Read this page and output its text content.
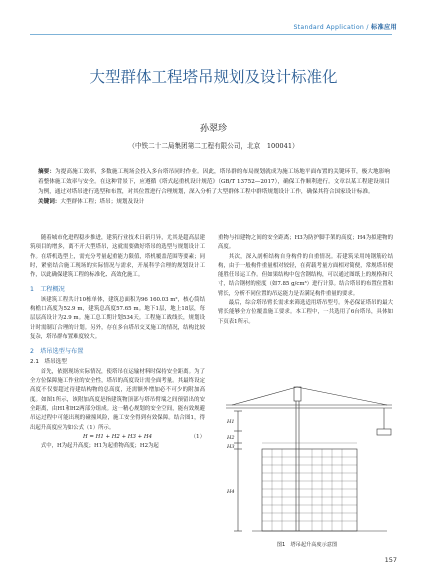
Standard Application / 标准应用
大型群体工程塔吊规划及设计标准化
孙翠珍
（中铁二十二局集团第二工程有限公司，北京　100041）
摘要：为提高施工效率，多数施工现场会投入多台塔吊同时作业。因此，塔吊群的布局规划就成为施工场地平面布置的关键环节，极大地影响着整体施工效率与安全。在这种背景下，应遵循《塔式起重机设计规范》（GB/T 13752—2017），确保工作顺利进行。文章以某工程建设项目为例，通过对塔吊进行选型和布置，对其位置进行合理规划，深入分析了大型群体工程中群塔规划设计工作，确保其符合国家设计标准。
关键词：大型群体工程；塔吊；规划及设计

随着城市化进程稳步推进，建筑行业技术日新月异，尤其是超高层建筑项目的增多，离不开大型塔吊，这就需要做好塔吊的选型与规划设计工作。在塔机选型上，需充分考量起重能力限值，塔机覆盖范围等要素；同时，紧密结合施工现场的实际情况与需求，开展科学合理的规划设计工作，以此确保建筑工程的标准化、高效化施工。

1　工程概况

该建筑工程共计10栋单体，建筑总面积为96 160.03 m²，核心筒结构檐口高度为52.9 m，建筑总高度57.65 m。地下1层，地上18层，每层层高设计为2.9 m。施工总工期计划534天。工程施工战线长，规划设计时需制订合理的计划。另外，存在多台塔吊交叉施工的情况，结构比较复杂，塔吊群布置难度较大。

2　塔吊选型与布置
2.1　塔吊选型

首先，依据现场实际情况，使塔吊在运输材料时保持安全距离。为了全方位保障施工作业的安全性，塔吊的高度设计需全面考量。其最终设定高度不仅要超过待建结构物的总高度，还需额外增加必不可少的附加高度。如图1所示，该附加高度是指建筑物顶部与塔吊臂端之间预留出的安全距离，由H1和H2两部分组成。这一精心规划的安全空间，能有效规避吊运过程中可能出现的碰撞风险，施工安全得到有效保障。结合图1，得出起升高度应为如公式（1）所示。

H = H1 + H2 + H3 + H4	（1）

式中，H为起升高度；H1为起重物高度；H2为起

重物与扣建物之间的安全距离；H3为防护脚手架的高度；H4为拟建物的高度。

其次，深入剖析结构自身构件的自重情况。若建筑采用纯钢筋砼结构，由于一般构件重量相对较轻，在荷载考量方面相对简便，常规塔吊便能胜任吊运工作。但如果结构中包含钢结构，可以通过图纸上的规格和尺寸，结合钢材的密度（如7.85 g/cm³）进行计算。结合塔吊的布置位置和臂长，分析不同位置的吊运能力是否满足构件重量的要求。

最后，综合塔吊臂长需求来筛选适用塔吊型号。务必保证塔吊的最大臂长能够全方位覆盖施工要求。本工程中，一共选用了6台塔吊，具体如下页表1所示。

H1
H2
H3
H4
图1　塔吊起升高度示意图
157
